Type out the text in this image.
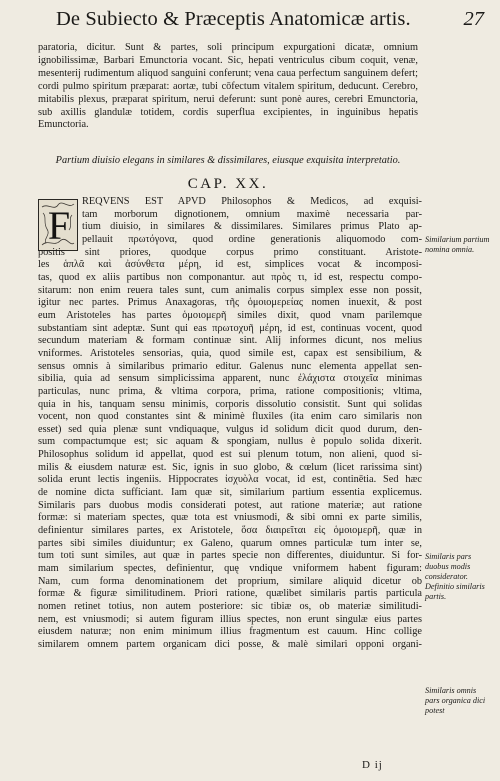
De Subiecto & Præceptis Anatomicæ artis.	27

paratoria, dicitur. Sunt & partes, soli principum expurgationi dicatæ, omnium ignobilissimæ, Barbari Emunctoria vocant. Sic, hepati ventriculus cibum coquit, venæ, mesenterij rudimentum aliquod sanguini conferunt; vena caua perfectum sanguinem defert; cordi pulmo spiritum præparat: aortæ, tubi cōfectum vitalem spiritum, deducunt. Cerebro, mitabilis plexus, præparat spiritum, nerui deferunt: sunt ponè aures, cerebri Emunctoria, sub axillis glandulæ totidem, cordis superflua excipientes, in inguinibus hepatis Emunctoria.

Partium diuisio elegans in similares & dissimilares, eiusque exquisita interpretatio.
CAP. XX.
F
REQVENS EST APVD Philosophos & Medicos, ad exquisi-
tam morborum dignotionem, omnium maximè necessaria par-
tium diuisio, in similares & dissimilares. Similares primus Plato ap-
pellauit πρωτόγονα, quod ordine generationis aliquomodo com-
positis sint priores, quodque corpus primo constituant. Aristote-
les ἁπλᾶ καὶ ἀσύνθετα μέρη, id est, simplices vocat & incomposi-
tas, quod ex aliis partibus non componantur. aut πρὸς τι, id est, respectu compo-
sitarum: non enim reuera tales sunt, cum animalis corpus simplex esse non possit,
igitur nec partes. Primus Anaxagoras, τῆς ὁμοιομερείας nomen inuexit, & post
eum Aristoteles has partes ὁμοιομερῆ similes dixit, quod vnam parilemque
substantiam sint adeptæ. Sunt qui eas πρωτοχυῆ μέρη, id est, continuas vocent, quod
secundum materiam & formam continuæ sint. Alij informes dicunt, nos melius
vniformes. Aristoteles sensorias, quia, quod simile est, capax est sensibilium, &
sensus omnis à similaribus primario editur. Galenus nunc elementa appellat sen-
sibilia, quia ad sensum simplicissima apparent, nunc ἐλάχιστα στοιχεῖα minimas
particulas, nunc prima, & vltima corpora, prima, ratione compositionis; vltima,
quia in his, tanquam sensu minimis, corporis dissolutio consistit. Sunt qui solidas
vocent, non quod constantes sint & minimè fluxiles (ita enim caro similaris non
esset) sed quia plenæ sunt vndiquaque, vulgus id solidum dicit quod durum, den-
sum compactumque est; sic aquam & spongiam, nullus è populo solida dixerit.
Philosophus solidum id appellat, quod est sui plenum totum, non alieni, quod si-
milis & eiusdem naturæ est. Sic, ignis in suo globo, & cœlum (licet rarissima sint)
solida erunt lectis ingeniis. Hippocrates ἰσχυὸλα vocat, id est, continētia. Sed hæc
de nomine dicta sufficiant. Iam quæ sit, similarium partium essentia explicemus.
Similaris pars duobus modis considerati potest, aut ratione materiæ; aut ratione
formæ: si materiam spectes, quæ tota est vniusmodi, & sibi omni ex parte similis,
definientur similares partes, ex Aristotele, ὅσα διαιρεῖται εἰς ὁμοιομερῆ, quæ in
partes sibi similes diuiduntur; ex Galeno, quarum omnes particulæ tum inter se,
tum toti sunt similes, aut quæ in partes specie non differentes, diuiduntur. Si for-
mam similarium spectes, definientur, quę vndique vniformem habent figuram:
Nam, cum forma denominationem det proprium, similare aliquid dicetur ob
formæ & figuræ similitudinem. Priori ratione, quælibet similaris partis particula
nomen retinet totius, non autem posteriore: sic tibiæ os, ob materiæ similitudi-
nem, est vniusmodi; si autem figuram illius spectes, non erunt singulæ eius partes
eiusdem naturæ; non enim minimum illius fragmentum est cauum. Hinc collige
similarem omnem partem organicam dici posse, & malè similari opponi organi-
Similarium partium nomina omnia.
Similaris pars duobus modis considerator. Definitio similaris partis.
Similaris omnis pars organica dici potest
D ij
